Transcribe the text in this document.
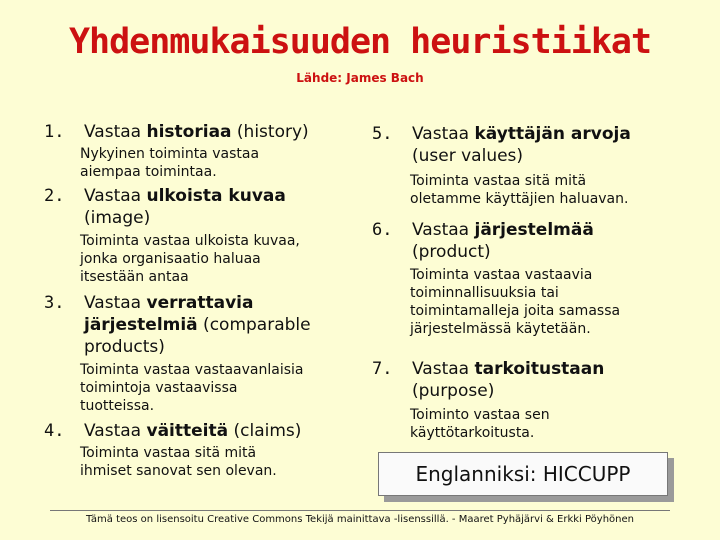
Yhdenmukaisuuden heuristiikat
Lähde: James Bach
1. Vastaa historiaa (history)
Nykyinen toiminta vastaa
aiempaa toimintaa.
2. Vastaa ulkoista kuvaa
(image)
Toiminta vastaa ulkoista kuvaa,
jonka organisaatio haluaa
itsestään antaa
3. Vastaa verrattavia
järjestelmiä (comparable
products)
Toiminta vastaa vastaavanlaisia
toimintoja vastaavissa
tuotteissa.
4. Vastaa väitteitä (claims)
Toiminta vastaa sitä mitä
ihmiset sanovat sen olevan.
5. Vastaa käyttäjän arvoja
(user values)
Toiminta vastaa sitä mitä
oletamme käyttäjien haluavan.
6. Vastaa järjestelmää
(product)
Toiminta vastaa vastaavia
toiminnallisuuksia tai
toimintamalleja joita samassa
järjestelmässä käytetään.
7. Vastaa tarkoitustaan
(purpose)
Toiminto vastaa sen
käyttötarkoitusta.
Englanniksi: HICCUPP
Tämä teos on lisensoitu Creative Commons Tekijä mainittava -lisenssillä. - Maaret Pyhäjärvi & Erkki Pöyhönen
